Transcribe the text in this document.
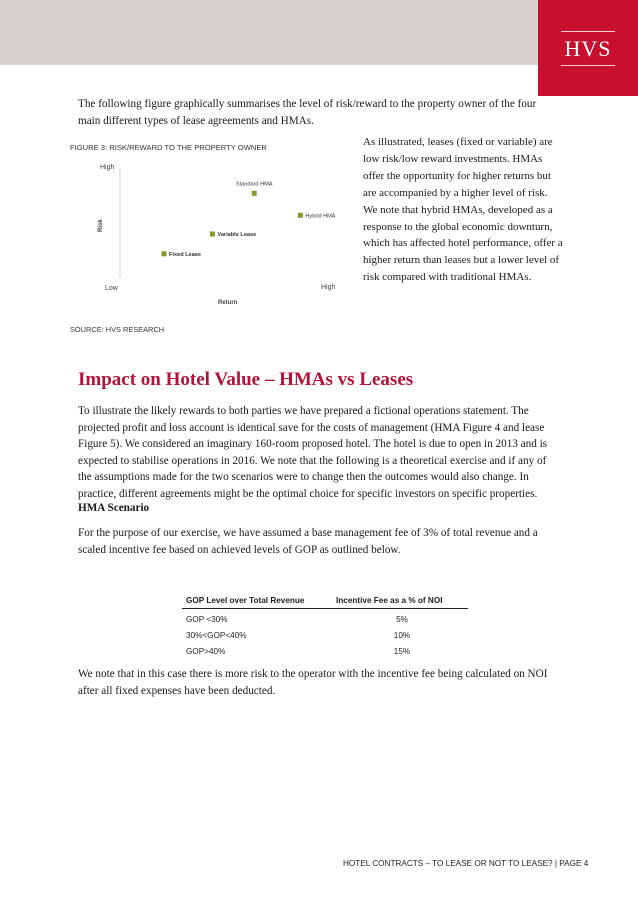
HVS

The following figure graphically summarises the level of risk/reward to the property owner of the four main different types of lease agreements and HMAs.

FIGURE 3: RISK/REWARD TO THE PROPERTY OWNER

High
Low	High
Return
Risk
Fixed Lease
Variable Lease
Standard HMA
Hybrid HMA

SOURCE: HVS RESEARCH

As illustrated, leases (fixed or variable) are low risk/low reward investments. HMAs offer the opportunity for higher returns but are accompanied by a higher level of risk. We note that hybrid HMAs, developed as a response to the global economic downturn, which has affected hotel performance, offer a higher return than leases but a lower level of risk compared with traditional HMAs.

Impact on Hotel Value – HMAs vs Leases

To illustrate the likely rewards to both parties we have prepared a fictional operations statement. The projected profit and loss account is identical save for the costs of management (HMA Figure 4 and lease Figure 5). We considered an imaginary 160-room proposed hotel. The hotel is due to open in 2013 and is expected to stabilise operations in 2016. We note that the following is a theoretical exercise and if any of the assumptions made for the two scenarios were to change then the outcomes would also change. In practice, different agreements might be the optimal choice for specific investors on specific properties.

HMA Scenario

For the purpose of our exercise, we have assumed a base management fee of 3% of total revenue and a scaled incentive fee based on achieved levels of GOP as outlined below.

GOP Level over Total Revenue	Incentive Fee as a % of NOI
GOP <30%	5%
30%<GOP<40%	10%
GOP>40%	15%

We note that in this case there is more risk to the operator with the incentive fee being calculated on NOI after all fixed expenses have been deducted.

HOTEL CONTRACTS – TO LEASE OR NOT TO LEASE? | PAGE 4
